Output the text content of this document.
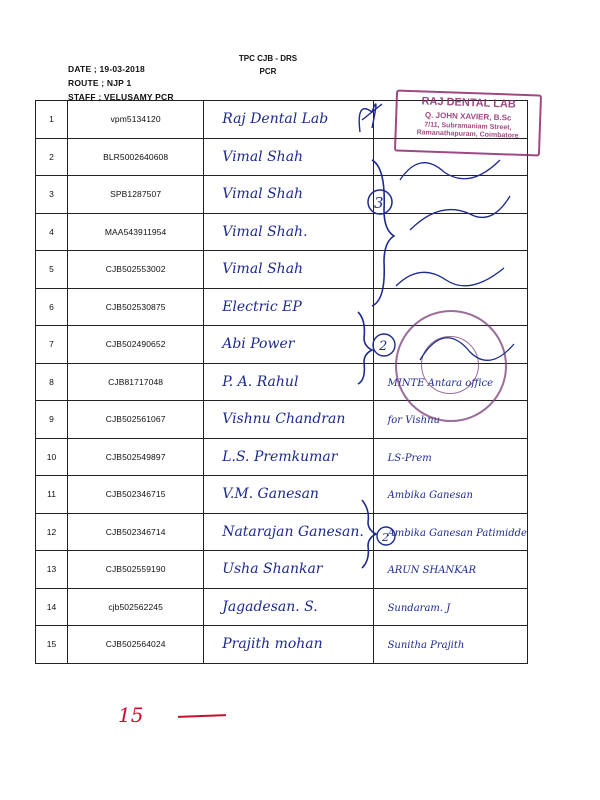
TPC CJB - DRS
PCR
DATE ; 19-03-2018
ROUTE ; NJP 1
STAFF ; VELUSAMY PCR
1	vpm5134120	Raj Dental Lab	
2	BLR5002640608	Vimal Shah	
3	SPB1287507	Vimal Shah	
4	MAA543911954	Vimal Shah.	
5	CJB502553002	Vimal Shah	
6	CJB502530875	Electric EP	
7	CJB502490652	Abi Power	
8	CJB81717048	P. A. Rahul	MINTE Antara office
9	CJB502561067	Vishnu Chandran	for Vishnu
10	CJB502549897	L.S. Premkumar	LS-Prem
11	CJB502346715	V.M. Ganesan	Ambika Ganesan
12	CJB502346714	Natarajan Ganesan.	Ambika Ganesan Patimidde
13	CJB502559190	Usha Shankar	ARUN SHANKAR
14	cjb502562245	Jagadesan. S.	Sundaram. J
15	CJB502564024	Prajith mohan	Sunitha Prajith
RAJ DENTAL LAB
Q. JOHN XAVIER, B.Sc
7/11, Subramaniam Street,
Ramanathapuram, Coimbatore
3
2
2
15
